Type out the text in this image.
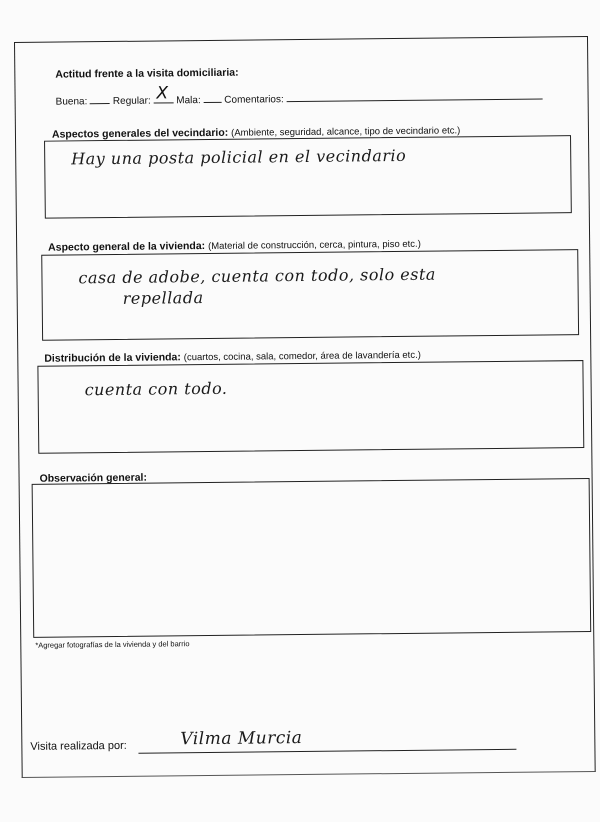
Actitud frente a la visita domiciliaria:
Buena:	Regular: X Mala: Comentarios:
Aspectos generales del vecindario: (Ambiente, seguridad, alcance, tipo de vecindario etc.)
Hay una posta policial en el vecindario
Aspecto general de la vivienda: (Material de construcción, cerca, pintura, piso etc.)
casa de adobe, cuenta con todo, solo esta
repellada
Distribución de la vivienda: (cuartos, cocina, sala, comedor, área de lavandería etc.)
cuenta con todo.
Observación general:
*Agregar fotografías de la vivienda y del barrio
Visita realizada por:	Vilma Murcia
